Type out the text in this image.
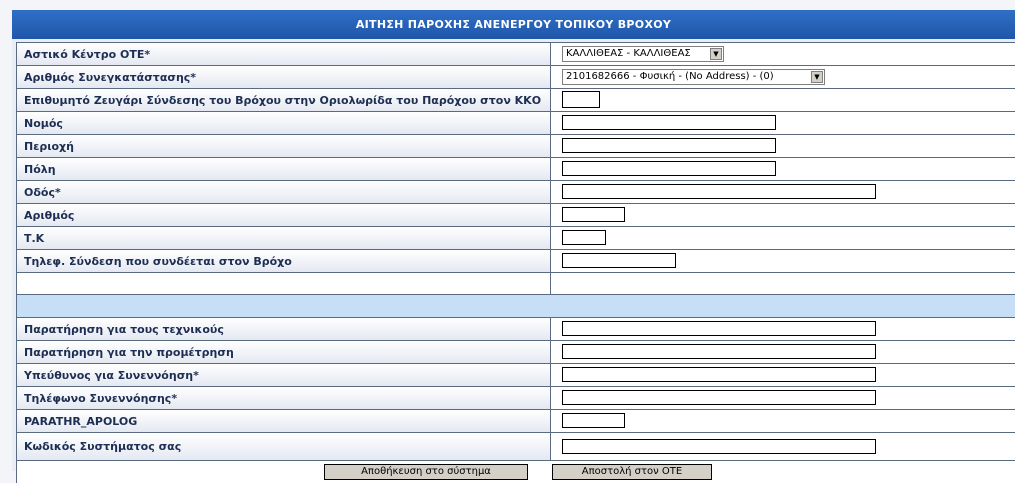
ΑΙΤΗΣΗ ΠΑΡΟΧΗΣ ΑΝΕΝΕΡΓΟΥ ΤΟΠΙΚΟΥ ΒΡΟΧΟΥ
Αστικό Κέντρο ΟΤΕ*	ΚΑΛΛΙΘΕΑΣ - ΚΑΛΛΙΘΕΑΣ	▼
Αριθμός Συνεγκατάστασης*	2101682666 - Φυσική - (No Address) - (0)	▼
Επιθυμητό Ζευγάρι Σύνδεσης του Βρόχου στην Οριολωρίδα του Παρόχου στον ΚΚΟ
Νομός
Περιοχή
Πόλη
Οδός*
Αριθμός
Τ.Κ
Τηλεφ. Σύνδεση που συνδέεται στον Βρόχο
Παρατήρηση για τους τεχνικούς
Παρατήρηση για την προμέτρηση
Υπεύθυνος για Συνεννόηση*
Τηλέφωνο Συνεννόησης*
PARATHR_APOLOG
Κωδικός Συστήματος σας
Αποθήκευση στο σύστημα	Αποστολή στον ΟΤΕ
